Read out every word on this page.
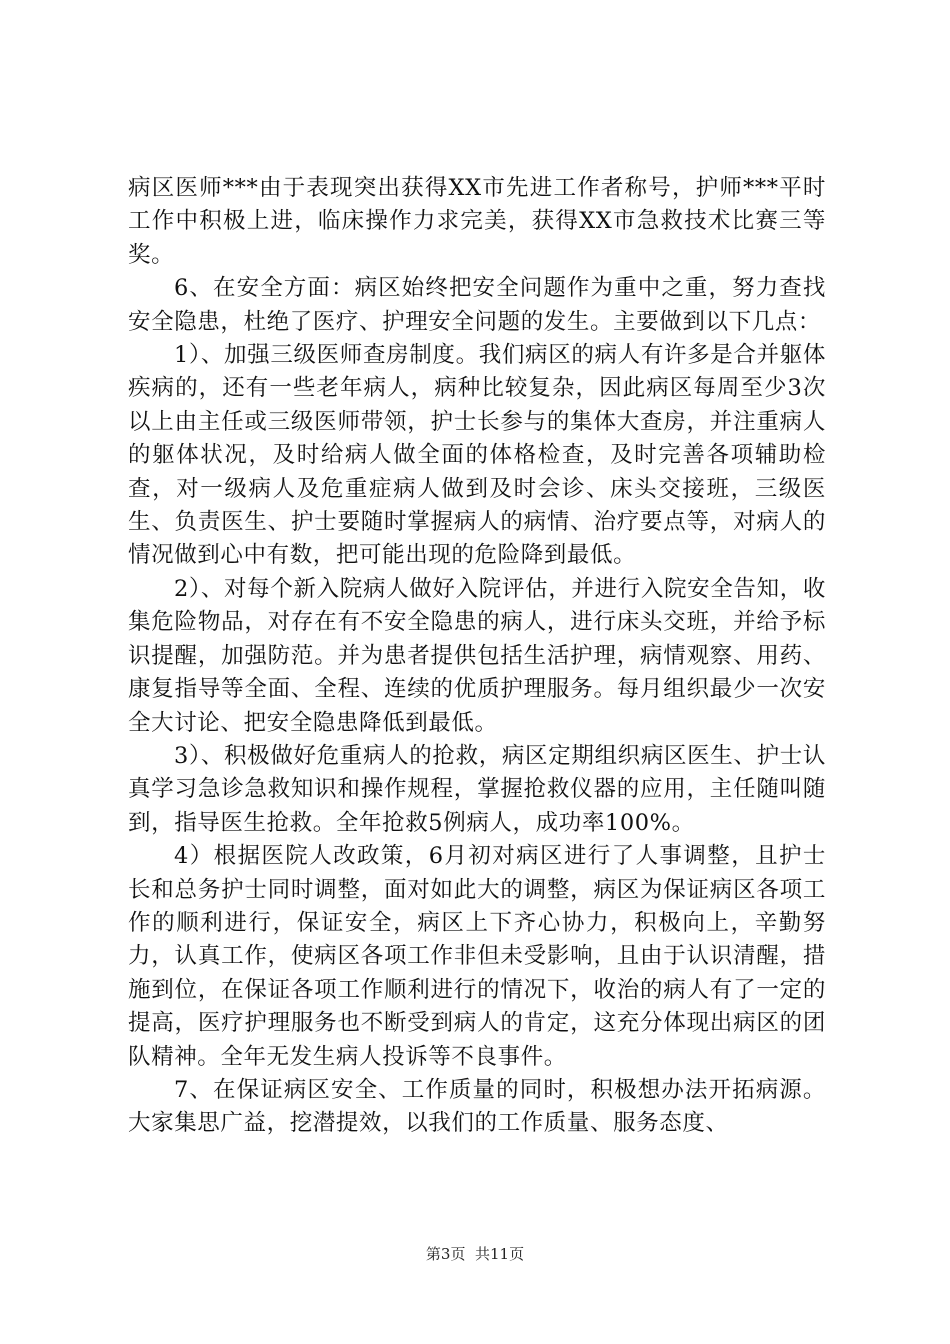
病区医师***由于表现突出获得XX市先进工作者称号，护师***平时工作中积极上进，临床操作力求完美，获得XX市急救技术比赛三等奖。

6、在安全方面：病区始终把安全问题作为重中之重，努力查找安全隐患，杜绝了医疗、护理安全问题的发生。主要做到以下几点：

1）、加强三级医师查房制度。我们病区的病人有许多是合并躯体疾病的，还有一些老年病人，病种比较复杂，因此病区每周至少3次以上由主任或三级医师带领，护士长参与的集体大查房，并注重病人的躯体状况，及时给病人做全面的体格检查，及时完善各项辅助检查，对一级病人及危重症病人做到及时会诊、床头交接班，三级医生、负责医生、护士要随时掌握病人的病情、治疗要点等，对病人的情况做到心中有数，把可能出现的危险降到最低。

2）、对每个新入院病人做好入院评估，并进行入院安全告知，收集危险物品，对存在有不安全隐患的病人，进行床头交班，并给予标识提醒，加强防范。并为患者提供包括生活护理，病情观察、用药、康复指导等全面、全程、连续的优质护理服务。每月组织最少一次安全大讨论、把安全隐患降低到最低。

3）、积极做好危重病人的抢救，病区定期组织病区医生、护士认真学习急诊急救知识和操作规程，掌握抢救仪器的应用，主任随叫随到，指导医生抢救。全年抢救5例病人，成功率100%。

4）根据医院人改政策，6月初对病区进行了人事调整，且护士长和总务护士同时调整，面对如此大的调整，病区为保证病区各项工作的顺利进行，保证安全，病区上下齐心协力，积极向上，辛勤努力，认真工作，使病区各项工作非但未受影响，且由于认识清醒，措施到位，在保证各项工作顺利进行的情况下，收治的病人有了一定的提高，医疗护理服务也不断受到病人的肯定，这充分体现出病区的团队精神。全年无发生病人投诉等不良事件。

7、在保证病区安全、工作质量的同时，积极想办法开拓病源。大家集思广益，挖潜提效，以我们的工作质量、服务态度、

第3页  共11页
